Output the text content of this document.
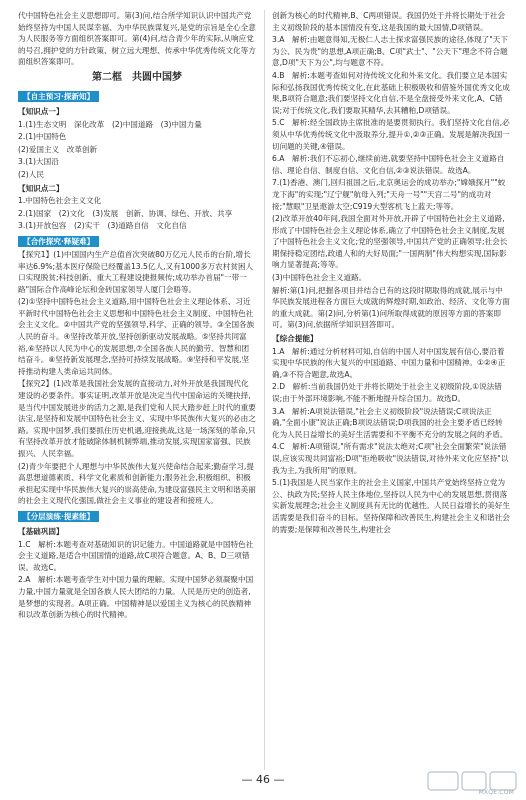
代中国特色社会主义思想即可。第(3)问,结合所学知识认识中国共产党始终坚持为中国人民谋幸福、为中华民族谋复兴,是党的宗旨是全心全意为人民服务等方面组织答案即可。第(4)问,结合青少年的实际,从响应党的号召,拥护党的方针政策、树立远大理想、传承中华优秀传统文化等方面组织答案即可。

第二框　共圆中国梦
【自主预习·探新知】
【知识点一】

1.(1)生态文明　深化改革　(2)中国道路　(3)中国力量

2.(1)中国特色

(2)爱国主义　改革创新

3.(1)大国沿

(2)人民

【知识点二】

1.中国特色社会主义文化

2.(1)国家　(2)文化　(3)发展　创新、协调、绿色、开放、共享

3.(1)开放包容　(2)实干　(3)道路自信　文化自信

【合作探究·释疑难】

【探究1】(1)中国国内生产总值首次突破80万亿元人民币的台阶,增长率达6.9%;基本医疗保险已经覆盖13.5亿人,又有1000多万农村贫困人口实现脱贫;科技创新、重大工程建设捷报频传;成功举办首届"一带一路"国际合作高峰论坛和金砖国家领导人厦门会晤等。

(2)①坚持中国特色社会主义道路,用中国特色社会主义理论体系、习近平新时代中国特色社会主义思想和中国特色社会主义制度、中国特色社会主义文化。②中国共产党的坚强领导,科学、正确的领导。③全国各族人民的奋斗。④坚持改革开放,坚持创新驱动发展战略。⑤坚持共同富裕,⑥坚持以人民为中心的发展思想,⑦全国各族人民的勤劳、智慧和团结奋斗。⑧坚持新发展理念,坚持可持续发展战略。⑨坚持和平发展,坚持推动构建人类命运共同体。

【探究2】(1)改革是我国社会发展的直接动力,对外开放是我国现代化建设的必要条件。事实证明,改革开放是决定当代中国命运的关键抉择,是当代中国发展进步的活力之源,是我们党和人民大踏步赶上时代的重要法宝,是坚持和发展中国特色社会主义、实现中华民族伟大复兴的必由之路。实现中国梦,我们要抓住历史机遇,迎接挑战,这是一场深刻的革命,只有坚持改革开放才能破除体制机制弊端,推动发展,实现国家富强、民族振兴、人民幸福。

(2)青少年要把个人理想与中华民族伟大复兴使命结合起来;勤奋学习,提高思想道德素质、科学文化素质和创新能力;服务社会,积极组织、积极承担起实现中华民族伟大复兴的崇高使命,为建设富强民主文明和谐美丽的社会主义现代化强国,做社会主义事业的建设者和接班人。

【分层演练·提素能】
【基础巩固】

1.C　解析:本题考查对基础知识的识记能力。中国道路就是中国特色社会主义道路,是适合中国国情的道路,故C项符合题意。A、B、D三项错误。故选C。

2.A　解析:本题考查学生对中国力量的理解。实现中国梦必须凝聚中国力量,中国力量就是全国各族人民大团结的力量。人民是历史的创造者,是梦想的实现者。A项正确。中国精神是以爱国主义为核心的民族精神和以改革创新为核心的时代精神。

创新为核心的时代精神,B、C两项错误。我国仍处于并将长期处于社会主义初级阶段的基本国情没有变,这是我国的最大国情,D项错误。

3.A　解析:由题意得知,无极仁人志士探求富强民族的途径,体现了"天下为公、民为贵"的思想,A项正确;B、C项"武士"、"公天下"理念不符合题意,D项"天下为公",均与题意不符。

4.B　解析:本题考查如何对待传统文化和外来文化。我们要立足本国实际和弘扬我国优秀传统文化,在此基础上积极吸收和借鉴外国优秀文化成果,B项符合题意;我们要坚持文化自信,不是全盘接受外来文化,A、C错误;对于传统文化,我们要取其精华,去其糟粕,D项错误。

5.C　解析:经全国政协主席批准的是要贯彻执行。我们坚持文化自信,必须从中华优秀传统文化中汲取养分,提升①,②③正确。发展是解决我国一切问题的关键,④错误。

6.A　解析:我们不忘初心,继续前进,就要坚持中国特色社会主义道路自信、理论自信、制度自信、文化自信,②③说法错误。故选A。

7.(1)香港、澳门,回归祖国之后,北京奥运会的成功举办;"嫦娥探月""蛟龙下海"的实现;"辽宁舰"航母入列;"天舟一号""天宫二号"的成功对接;"慧眼"卫星遨游太空;C919大型客机飞上蓝天;等等。

(2)改革开放40年间,我国全面对外开放,开辟了中国特色社会主义道路,形成了中国特色社会主义理论体系,确立了中国特色社会主义制度,发展了中国特色社会主义文化;党的坚强领导,中国共产党的正确领导;社会长期保持稳定团结,政通人和的大好局面;"一国两制"伟大构想实现,国际影响力显著提高;等等。

(3)中国特色社会主义道路。

解析:第(1)问,把握各项目并结合已有的这段时期取得的成就,展示与中华民族发展进程各方面巨大成就的辉煌时期,如政治、经济、文化等方面的重大成就。第(2)问,分析第(1)问所取得成就的原因等方面的答案即可。第(3)问,依据所学知识回答即可。

【综合提能】

1.A　解析:通过分析材料可知,自信的中国人对中国发展有信心,要沿着实现中华民族的伟大复兴的中国道路、中国力量和中国精神。①②④正确,③不符合题意,故选A。

2.D　解析:当前我国仍处于并将长期处于社会主义初级阶段,①说法错误;由于外部环境影响,不能不断地提升综合国力。故选D。

3.A　解析:A项说法错误,"社会主义初级阶段"说法错误;C项说法正确,"全面小康"说法正确;B项说法错误;D项我国的社会主要矛盾已经转化为人民日益增长的美好生活需要和不平衡不充分的发展之间的矛盾。

4.C　解析:A项错误,"所有需求"说法太绝对;C项"社会全面繁荣"说法错误,应该实现共同富裕;D项"拒绝吸收"说法错误,对待外来文化应坚持"以我为主,为我所用"的原则。

5.(1)我国是人民当家作主的社会主义国家,中国共产党始终坚持立党为公、执政为民;坚持人民主体地位,坚持以人民为中心的发展思想,贯彻落实新发展理念;社会主义制度具有无比的优越性。人民日益增长的美好生活需要是我们奋斗的目标。坚持保障和改善民生,构建社会主义和谐社会的需要;是保障和改善民生,构建社会

— 46 —
MXQE.COM
